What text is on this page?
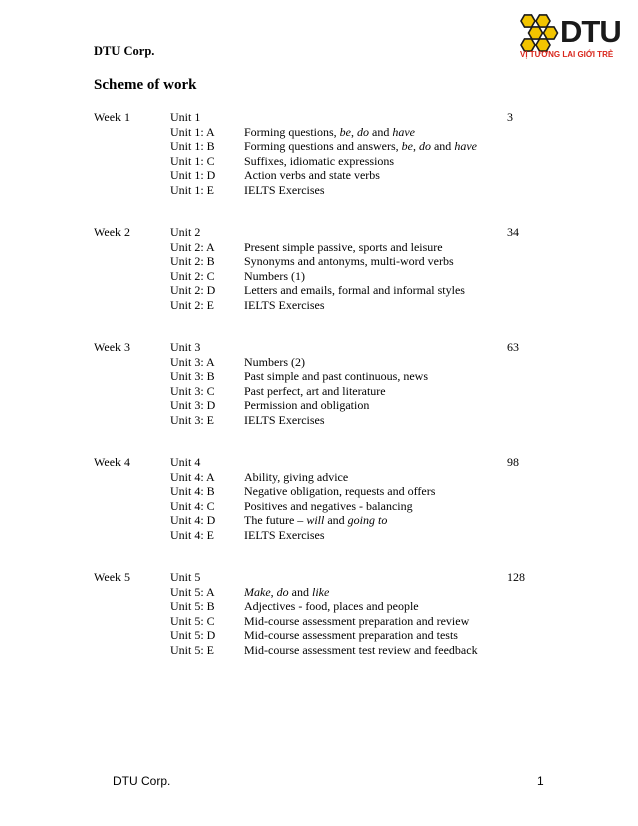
DTU Corp.
DTU
VỊ TƯƠNG LAI GIỚI TRẺ
Scheme of work
Week 1	Unit 1	3
Unit 1: A Forming questions, be, do and have
Unit 1: B Forming questions and answers, be, do and have
Unit 1: C Suffixes, idiomatic expressions
Unit 1: D Action verbs and state verbs
Unit 1: E	IELTS Exercises
Week 2	Unit 2	34
Unit 2: A Present simple passive, sports and leisure
Unit 2: B Synonyms and antonyms, multi-word verbs
Unit 2: C Numbers (1)
Unit 2: D Letters and emails, formal and informal styles
Unit 2: E	IELTS Exercises
Week 3	Unit 3	63
Unit 3: A Numbers (2)
Unit 3: B Past simple and past continuous, news
Unit 3: C Past perfect, art and literature
Unit 3: D Permission and obligation
Unit 3: E	IELTS Exercises
Week 4	Unit 4	98
Unit 4: A Ability, giving advice
Unit 4: B Negative obligation, requests and offers
Unit 4: C Positives and negatives - balancing
Unit 4: D The future – will and going to
Unit 4: E	IELTS Exercises
Week 5	Unit 5	128
Unit 5: A Make, do and like
Unit 5: B Adjectives - food, places and people
Unit 5: C Mid-course assessment preparation and review
Unit 5: D Mid-course assessment preparation and tests
Unit 5: E	Mid-course assessment test review and feedback
DTU Corp.	1
